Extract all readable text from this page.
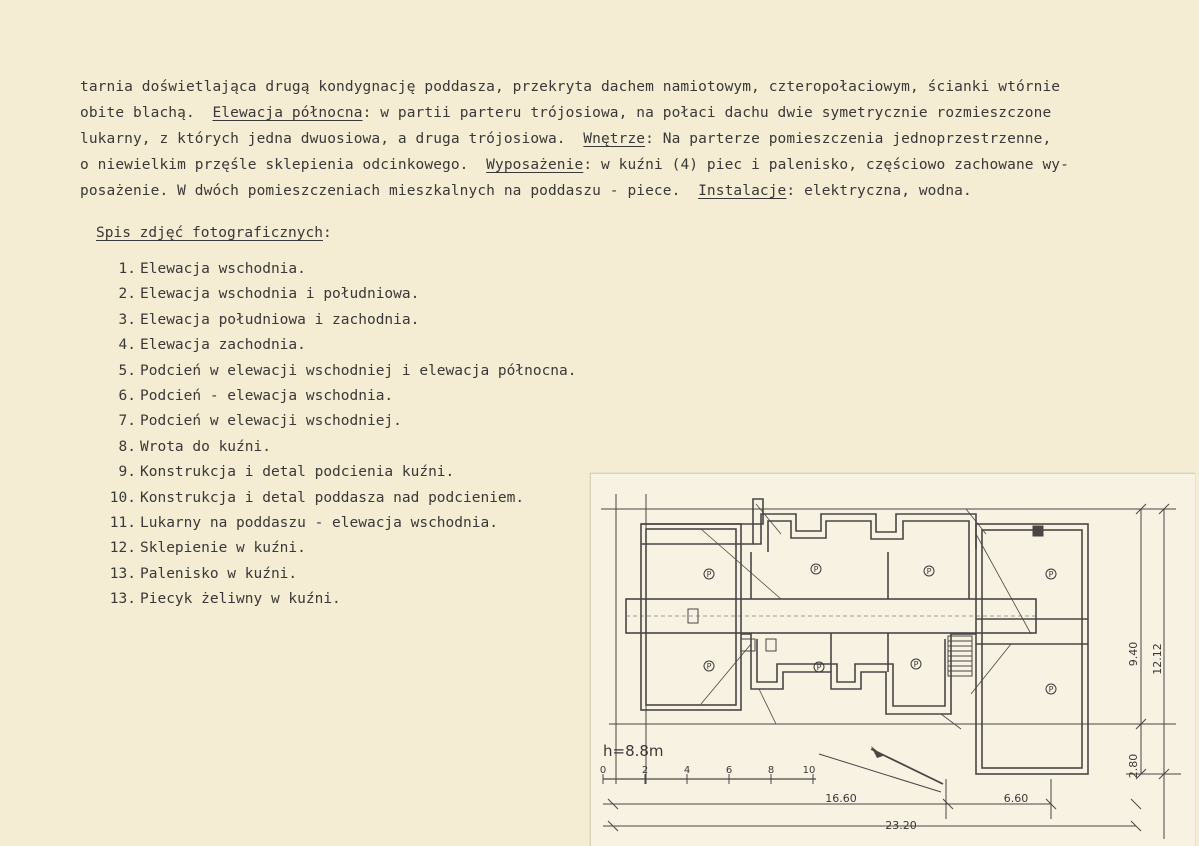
tarnia doświetlająca drugą kondygnację poddasza, przekryta dachem namiotowym, czteropołaciowym, ścianki wtórnie
obite blachą.  Elewacja północna: w partii parteru trójosiowa, na połaci dachu dwie symetrycznie rozmieszczone
lukarny, z których jedna dwuosiowa, a druga trójosiowa.  Wnętrze: Na parterze pomieszczenia jednoprzestrzenne,
o niewielkim przęśle sklepienia odcinkowego.  Wyposażenie: w kuźni (4) piec i palenisko, częściowo zachowane wy-
posażenie. W dwóch pomieszczeniach mieszkalnych na poddaszu - piece.  Instalacje: elektryczna, wodna.
Spis zdjęć fotograficznych:
1. Elewacja wschodnia.
2. Elewacja wschodnia i południowa.
3. Elewacja południowa i zachodnia.
4. Elewacja zachodnia.
5. Podcień w elewacji wschodniej i elewacja północna.
6. Podcień - elewacja wschodnia.
7. Podcień w elewacji wschodniej.
8. Wrota do kuźni.
9. Konstrukcja i detal podcienia kuźni.
10. Konstrukcja i detal poddasza nad podcieniem.
11. Lukarny na poddaszu - elewacja wschodnia.
12. Sklepienie w kuźni.
13. Palenisko w kuźni.
13. Piecyk żeliwny w kuźni.
P
P	P	P
P	P	P
P
h=8.8m
0	2	4	6	8	10
16.60	6.60
23.20
9.40 12.12
2.80
